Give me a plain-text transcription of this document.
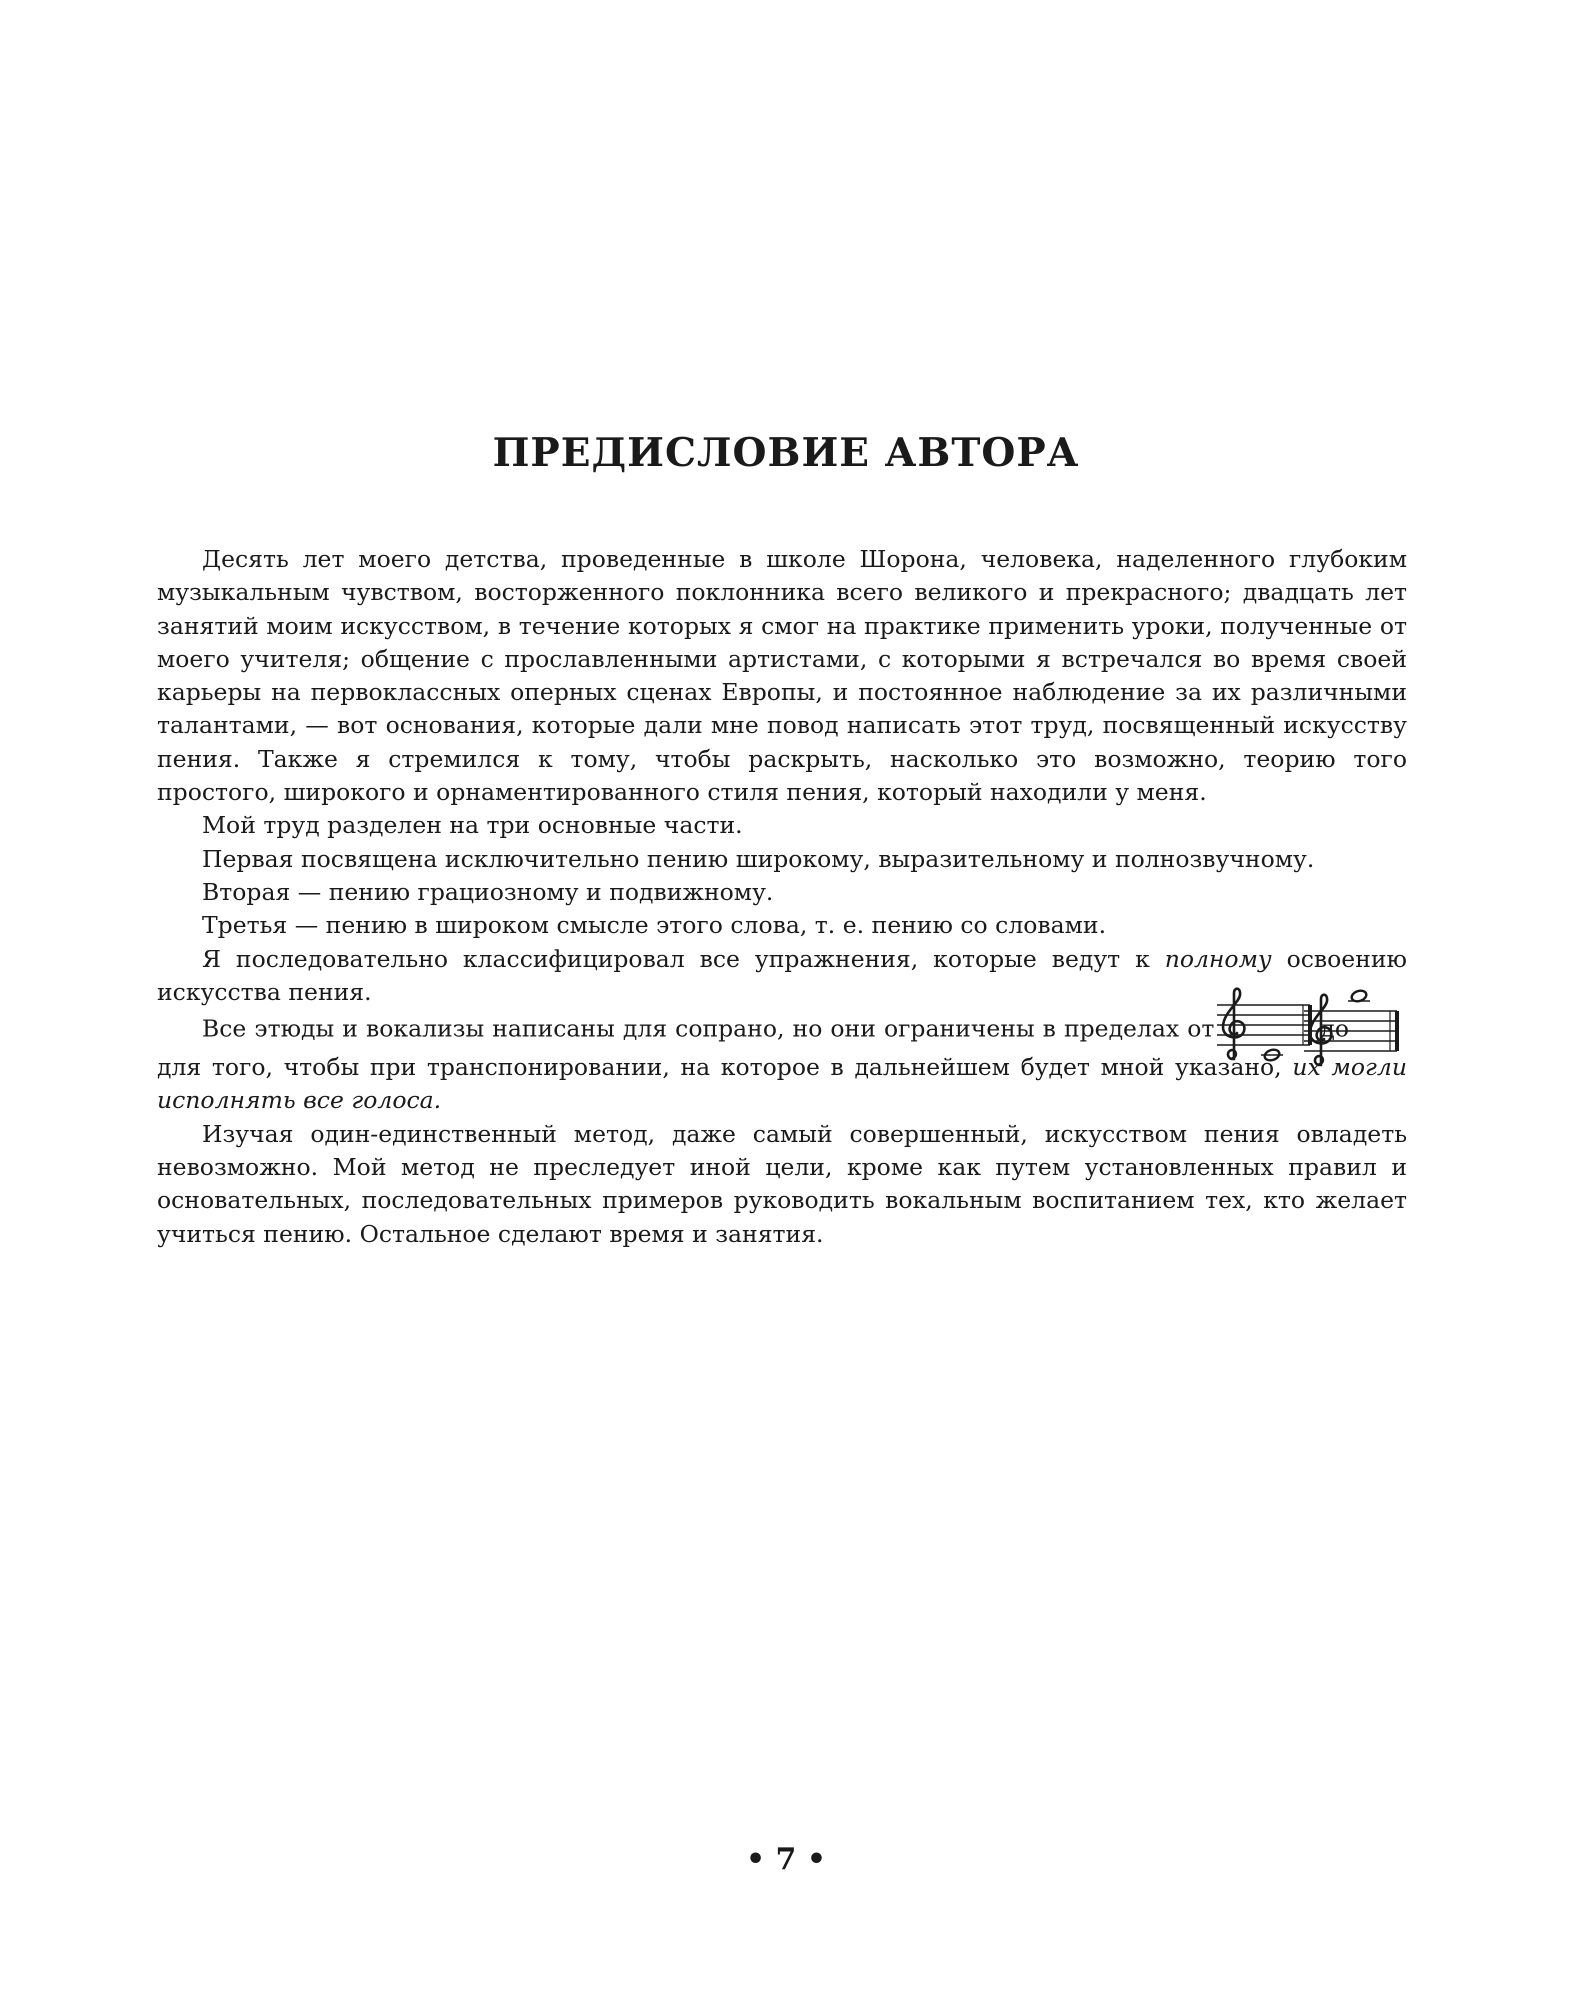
ПРЕДИСЛОВИЕ АВТОРА

Десять лет моего детства, проведенные в школе Шорона, человека, наделенного глубоким музыкальным чувством, восторженного поклонника всего великого и прекрасного; двадцать лет занятий моим искусством, в течение которых я смог на практике применить уроки, полученные от моего учителя; общение с прославленными артистами, с которыми я встречался во время своей карьеры на первоклассных оперных сценах Европы, и постоянное наблюдение за их различными талантами, — вот основания, которые дали мне повод написать этот труд, посвященный искусству пения. Также я стремился к тому, чтобы раскрыть, насколько это возможно, теорию того простого, широкого и орнаментированного стиля пения, который находили у меня.

Мой труд разделен на три основные части.

Первая посвящена исключительно пению широкому, выразительному и полнозвучному.

Вторая — пению грациозному и подвижному.

Третья — пению в широком смысле этого слова, т. е. пению со словами.

Я последовательно классифицировал все упражнения, которые ведут к полному освоению искусства пения.

Все этюды и вокализы написаны для сопрано, но они ограничены в пределах от	до
для того, чтобы при транспонировании, на которое в дальнейшем будет мной указано, их могли исполнять все голоса.

Изучая один-единственный метод, даже самый совершенный, искусством пения овладеть невозможно. Мой метод не преследует иной цели, кроме как путем установленных правил и основательных, последовательных примеров руководить вокальным воспитанием тех, кто желает учиться пению. Остальное сделают время и занятия.

• 7 •
